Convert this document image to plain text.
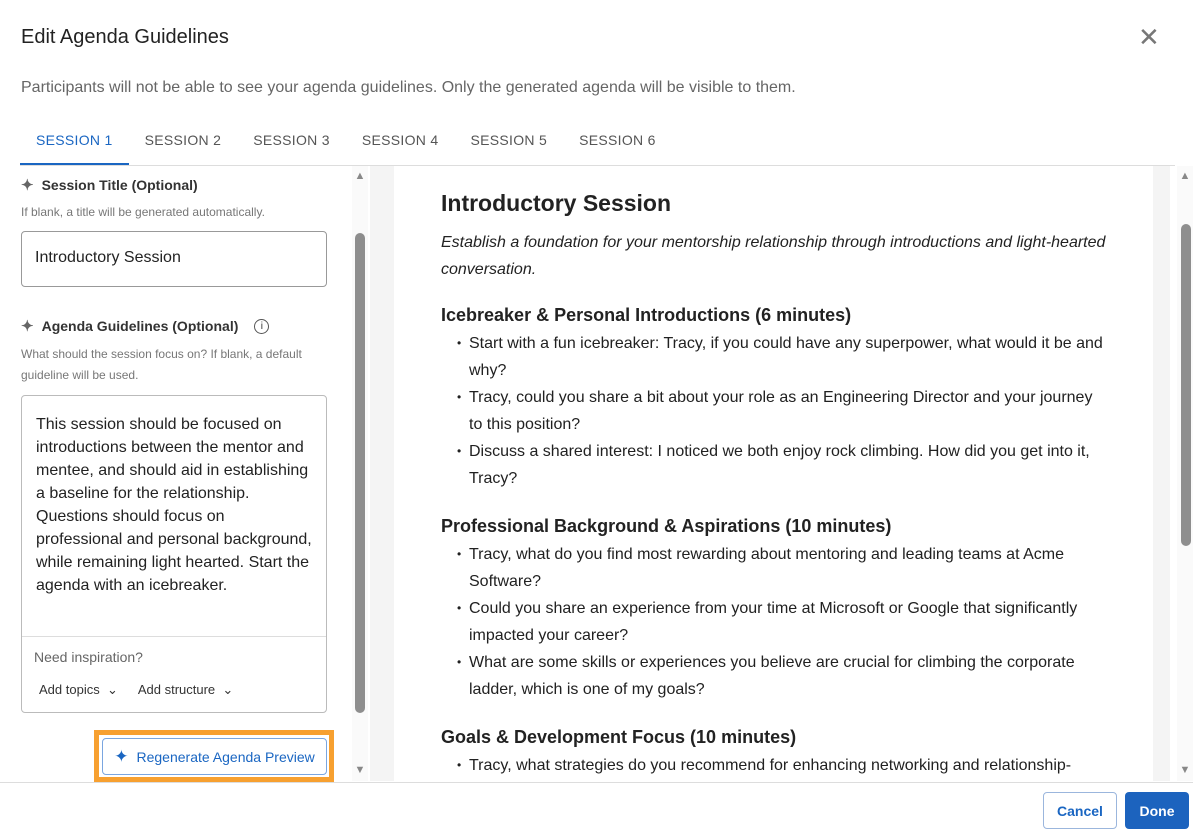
Edit Agenda Guidelines	✕
Participants will not be able to see your agenda guidelines. Only the generated agenda will be visible to them.
SESSION 1	SESSION 2	SESSION 3	SESSION 4	SESSION 5	SESSION 6
✦ Session Title (Optional)
If blank, a title will be generated automatically.
Introductory Session
✦ Agenda Guidelines (Optional)	i
What should the session focus on? If blank, a default guideline will be used.
This session should be focused on introductions between the mentor and mentee, and should aid in establishing a baseline for the relationship. Questions should focus on professional and personal background, while remaining light hearted. Start the agenda with an icebreaker.
Need inspiration?
Add topics  ⌄ Add structure  ⌄
▲
▼
✦ Regenerate Agenda Preview
Introductory Session
Establish a foundation for your mentorship relationship through introductions and light-hearted conversation.
Icebreaker & Personal Introductions (6 minutes)
• Start with a fun icebreaker: Tracy, if you could have any superpower, what would it be and why?
• Tracy, could you share a bit about your role as an Engineering Director and your journey to this position?
• Discuss a shared interest: I noticed we both enjoy rock climbing. How did you get into it, Tracy?
Professional Background & Aspirations (10 minutes)
• Tracy, what do you find most rewarding about mentoring and leading teams at Acme Software?
• Could you share an experience from your time at Microsoft or Google that significantly impacted your career?
• What are some skills or experiences you believe are crucial for climbing the corporate ladder, which is one of my goals?
Goals & Development Focus (10 minutes)
• Tracy, what strategies do you recommend for enhancing networking and relationship-
▲
▼
Cancel	Done
